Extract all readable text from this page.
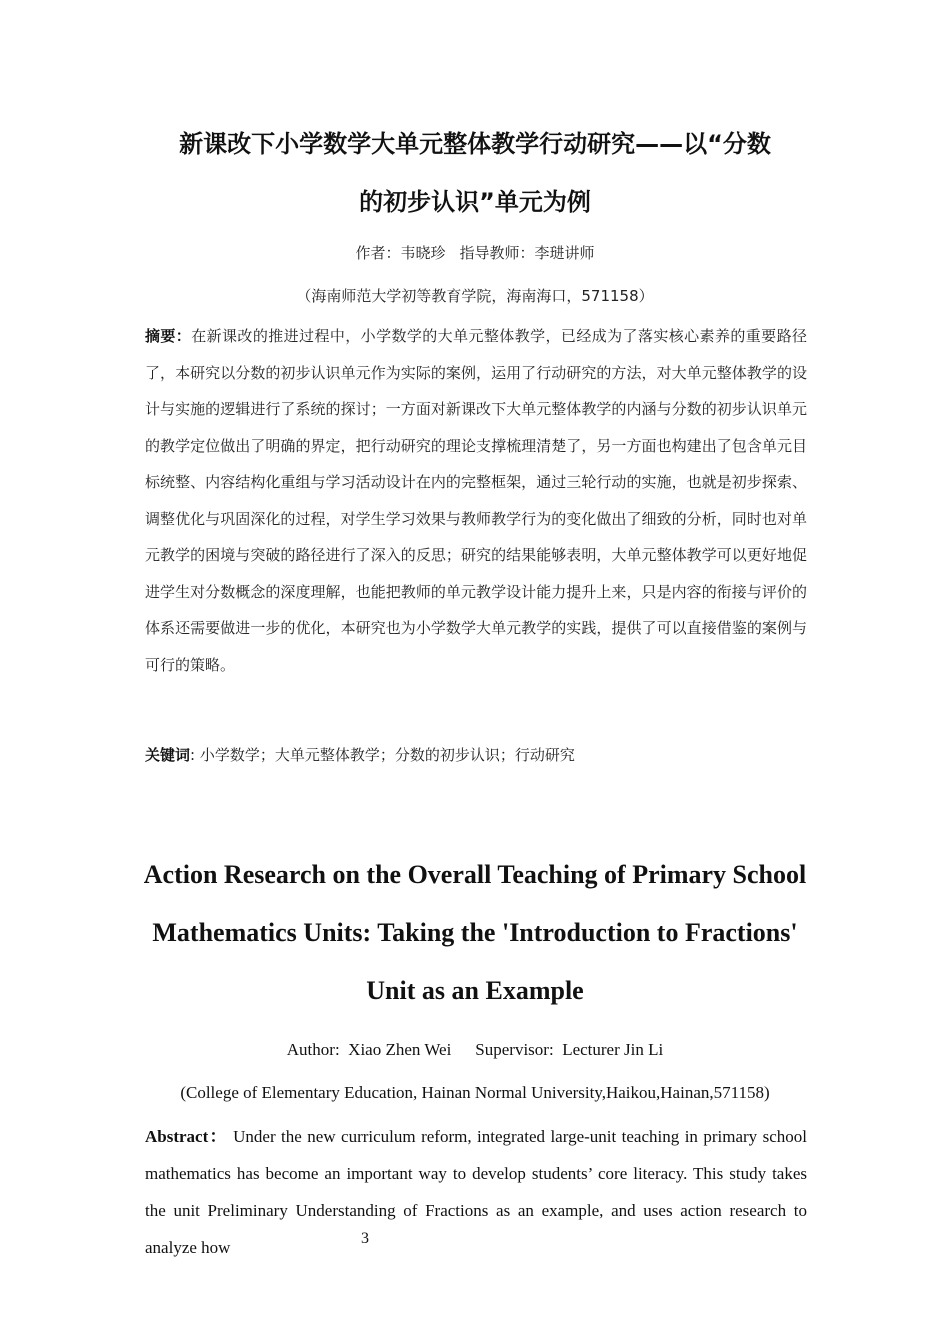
新课改下小学数学大单元整体教学行动研究——以“分数
的初步认识”单元为例
作者：韦晓珍 指导教师：李琎讲师
（海南师范大学初等教育学院，海南海口，571158）

摘要：在新课改的推进过程中，小学数学的大单元整体教学，已经成为了落实核心素养的重要路径了，本研究以分数的初步认识单元作为实际的案例，运用了行动研究的方法，对大单元整体教学的设计与实施的逻辑进行了系统的探讨；一方面对新课改下大单元整体教学的内涵与分数的初步认识单元的教学定位做出了明确的界定，把行动研究的理论支撑梳理清楚了，另一方面也构建出了包含单元目标统整、内容结构化重组与学习活动设计在内的完整框架，通过三轮行动的实施，也就是初步探索、调整优化与巩固深化的过程，对学生学习效果与教师教学行为的变化做出了细致的分析，同时也对单元教学的困境与突破的路径进行了深入的反思；研究的结果能够表明，大单元整体教学可以更好地促进学生对分数概念的深度理解，也能把教师的单元教学设计能力提升上来，只是内容的衔接与评价的体系还需要做进一步的优化，本研究也为小学数学大单元教学的实践，提供了可以直接借鉴的案例与可行的策略。

关键词: 小学数学；大单元整体教学；分数的初步认识；行动研究
Action Research on the Overall Teaching of Primary School
Mathematics Units: Taking the 'Introduction to Fractions'
Unit as an Example
Author: Xiao Zhen Wei Supervisor: Lecturer Jin Li
(College of Elementary Education, Hainan Normal University,Haikou,Hainan,571158)

Abstract： Under the new curriculum reform, integrated large-unit teaching in primary school mathematics has become an important way to develop students’ core literacy. This study takes the unit Preliminary Understanding of Fractions as an example, and uses action research to analyze how	3
